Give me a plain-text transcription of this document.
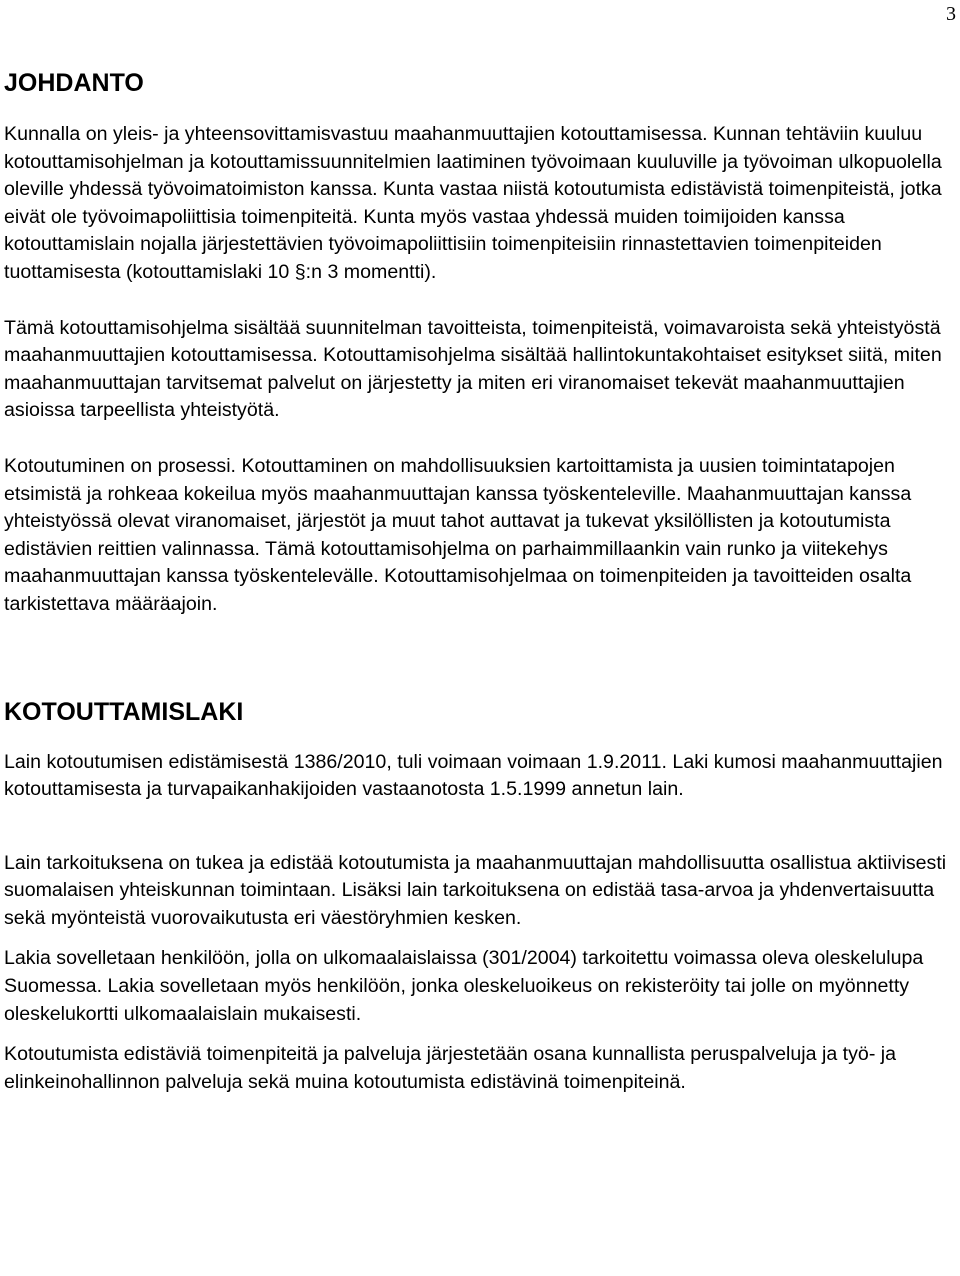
3
JOHDANTO

Kunnalla on yleis- ja yhteensovittamisvastuu maahanmuuttajien kotouttamisessa. Kunnan tehtäviin kuuluu kotouttamisohjelman ja kotouttamissuunnitelmien laatiminen työvoimaan kuuluville ja työvoiman ulkopuolella oleville yhdessä työvoimatoimiston kanssa. Kunta vastaa niistä kotoutumista edistävistä toimenpiteistä, jotka eivät ole työvoimapoliittisia toimenpiteitä. Kunta myös vastaa yhdessä muiden toimijoiden kanssa kotouttamislain nojalla järjestettävien työvoimapoliittisiin toimenpiteisiin rinnastettavien toimenpiteiden tuottamisesta (kotouttamislaki 10 §:n 3 momentti).

Tämä kotouttamisohjelma sisältää suunnitelman tavoitteista, toimenpiteistä, voimavaroista sekä yhteistyöstä maahanmuuttajien kotouttamisessa. Kotouttamisohjelma sisältää hallintokuntakohtaiset esitykset siitä, miten maahanmuuttajan tarvitsemat palvelut on järjestetty ja miten eri viranomaiset tekevät maahanmuuttajien asioissa tarpeellista yhteistyötä.

Kotoutuminen on prosessi. Kotouttaminen on mahdollisuuksien kartoittamista ja uusien toimintatapojen etsimistä ja rohkeaa kokeilua myös maahanmuuttajan kanssa työskenteleville. Maahanmuuttajan kanssa yhteistyössä olevat viranomaiset, järjestöt ja muut tahot auttavat ja tukevat yksilöllisten ja kotoutumista edistävien reittien valinnassa. Tämä kotouttamisohjelma on parhaimmillaankin vain runko ja viitekehys maahanmuuttajan kanssa työskentelevälle. Kotouttamisohjelmaa on toimenpiteiden ja tavoitteiden osalta tarkistettava määräajoin.

KOTOUTTAMISLAKI

Lain kotoutumisen edistämisestä 1386/2010, tuli voimaan voimaan 1.9.2011. Laki kumosi maahanmuuttajien kotouttamisesta ja turvapaikanhakijoiden vastaanotosta 1.5.1999 annetun lain.

Lain tarkoituksena on tukea ja edistää kotoutumista ja maahanmuuttajan mahdollisuutta osallistua aktiivisesti suomalaisen yhteiskunnan toimintaan. Lisäksi lain tarkoituksena on edistää tasa-arvoa ja yhdenvertaisuutta sekä myönteistä vuorovaikutusta eri väestöryhmien kesken.

Lakia sovelletaan henkilöön, jolla on ulkomaalaislaissa (301/2004) tarkoitettu voimassa oleva oleskelulupa Suomessa. Lakia sovelletaan myös henkilöön, jonka oleskeluoikeus on rekisteröity tai jolle on myönnetty oleskelukortti ulkomaalaislain mukaisesti.

Kotoutumista edistäviä toimenpiteitä ja palveluja järjestetään osana kunnallista peruspalveluja ja työ- ja elinkeinohallinnon palveluja sekä muina kotoutumista edistävinä toimenpiteinä.
